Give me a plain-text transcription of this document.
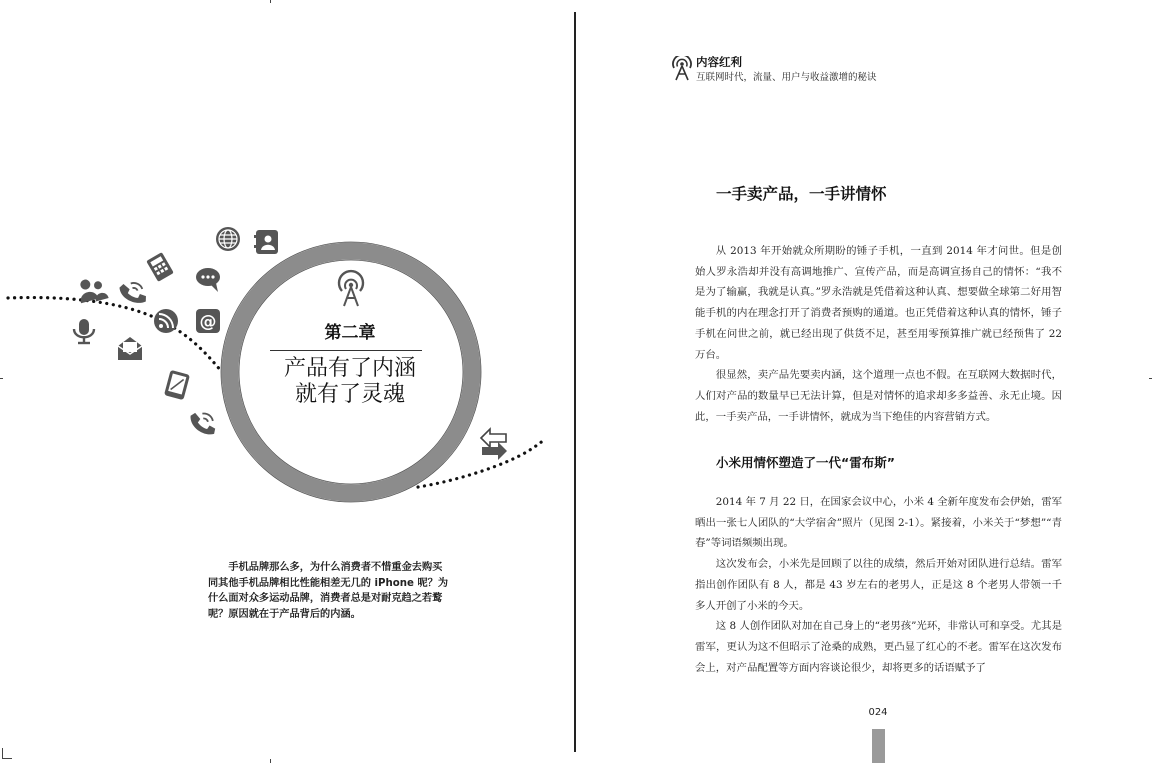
@
第二章
产品有了内涵
就有了灵魂

手机品牌那么多，为什么消费者不惜重金去购买同其他手机品牌相比性能相差无几的 iPhone 呢？为什么面对众多运动品牌，消费者总是对耐克趋之若鹜呢？原因就在于产品背后的内涵。

内容红利
互联网时代，流量、用户与收益激增的秘诀
一手卖产品，一手讲情怀

从 2013 年开始就众所期盼的锤子手机，一直到 2014 年才问世。但是创始人罗永浩却并没有高调地推广、宣传产品，而是高调宣扬自己的情怀：“我不是为了输赢，我就是认真。”罗永浩就是凭借着这种认真、想要做全球第二好用智能手机的内在理念打开了消费者预购的通道。也正凭借着这种认真的情怀，锤子手机在问世之前，就已经出现了供货不足，甚至用零预算推广就已经预售了 22 万台。

很显然，卖产品先要卖内涵，这个道理一点也不假。在互联网大数据时代，人们对产品的数量早已无法计算，但是对情怀的追求却多多益善、永无止境。因此，一手卖产品，一手讲情怀，就成为当下绝佳的内容营销方式。

小米用情怀塑造了一代“雷布斯”

2014 年 7 月 22 日，在国家会议中心，小米 4 全新年度发布会伊始，雷军晒出一张七人团队的“大学宿舍”照片（见图 2-1）。紧接着，小米关于“梦想”“青春”等词语频频出现。

这次发布会，小米先是回顾了以往的成绩，然后开始对团队进行总结。雷军指出创作团队有 8 人，都是 43 岁左右的老男人，正是这 8 个老男人带领一千多人开创了小米的今天。

这 8 人创作团队对加在自己身上的“老男孩”光环，非常认可和享受。尤其是雷军，更认为这不但昭示了沧桑的成熟，更凸显了红心的不老。雷军在这次发布会上，对产品配置等方面内容谈论很少，却将更多的话语赋予了

024
